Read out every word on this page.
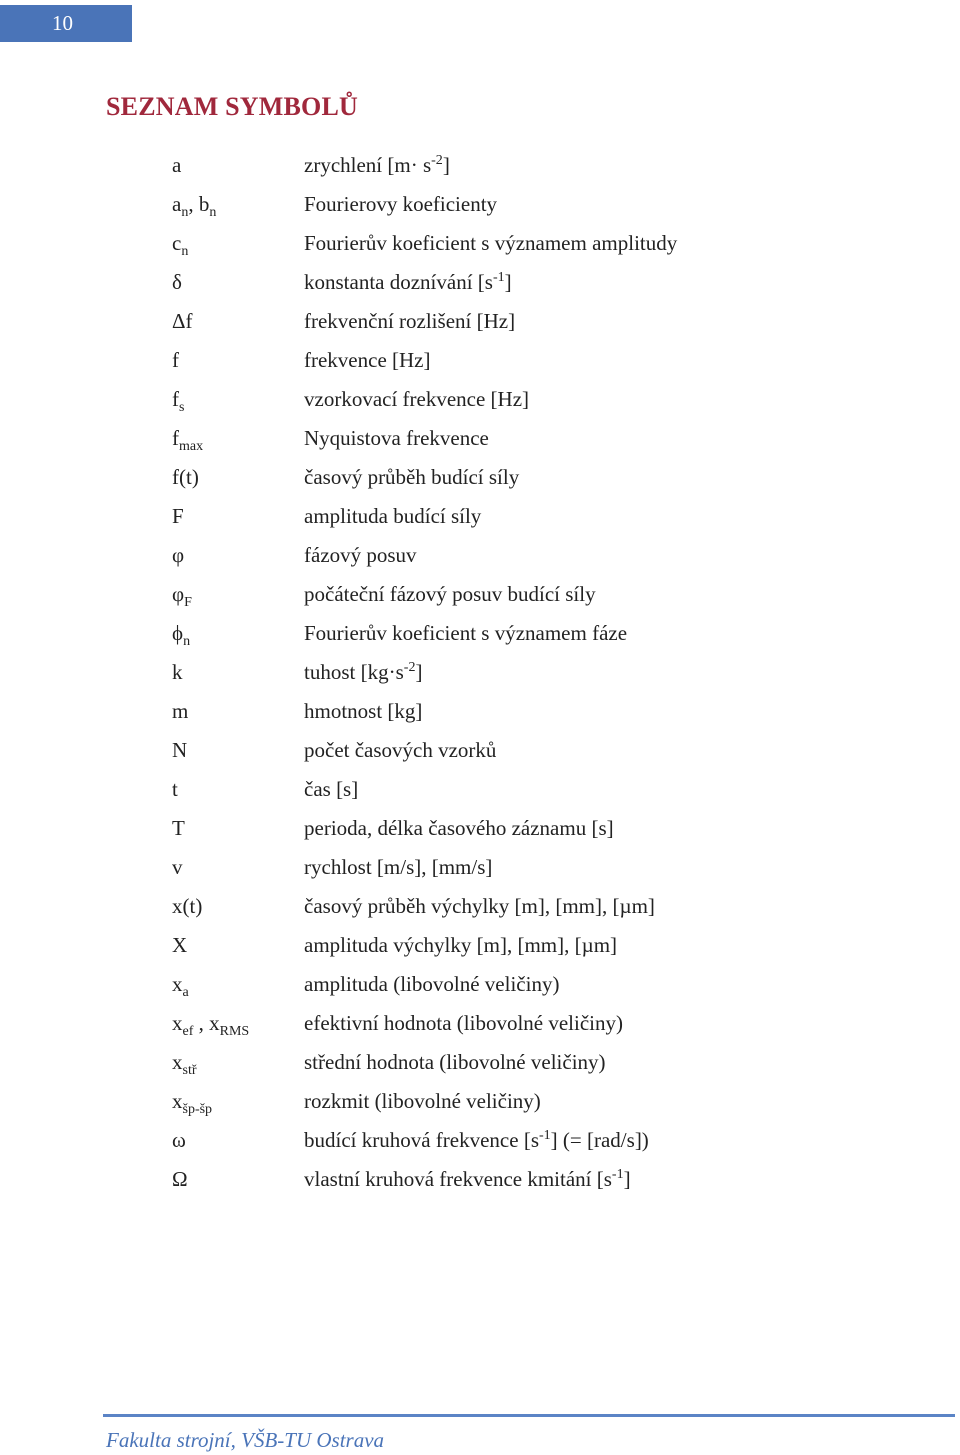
10
SEZNAM SYMBOLŮ
a	zrychlení $[m\cdot s^{-2}]$
$a_n$, $b_n$	Fourierovy koeficienty
$c_n$	Fourierův koeficient s významem amplitudy
δ	konstanta doznívání $[s^{-1}]$
Δf	frekvenční rozlišení [Hz]
f	frekvence [Hz]
$f_s$	vzorkovací frekvence [Hz]
$f_{max}$	Nyquistova frekvence
f(t)	časový průběh budící síly
F	amplituda budící síly
φ	fázový posuv
$\varphi_F$	počáteční fázový posuv budící síly
$\phi_n$	Fourierův koeficient s významem fáze
k	tuhost $[kg\cdot s^{-2}]$
m	hmotnost [kg]
N	počet časových vzorků
t	čas [s]
T	perioda, délka časového záznamu [s]
v	rychlost [m/s], [mm/s]
x(t)	časový průběh výchylky [m], [mm], [µm]
X	amplituda výchylky [m], [mm], [µm]
$x_a$	amplituda (libovolné veličiny)
$x_{ef}$ , $x_{RMS}$	efektivní hodnota (libovolné veličiny)
$x_{stř}$	střední hodnota (libovolné veličiny)
$x_{šp-šp}$	rozkmit (libovolné veličiny)
ω	budící kruhová frekvence $[s^{-1}]$ (= [rad/s])
Ω	vlastní kruhová frekvence kmitání $[s^{-1}]$
Fakulta strojní, VŠB-TU Ostrava
